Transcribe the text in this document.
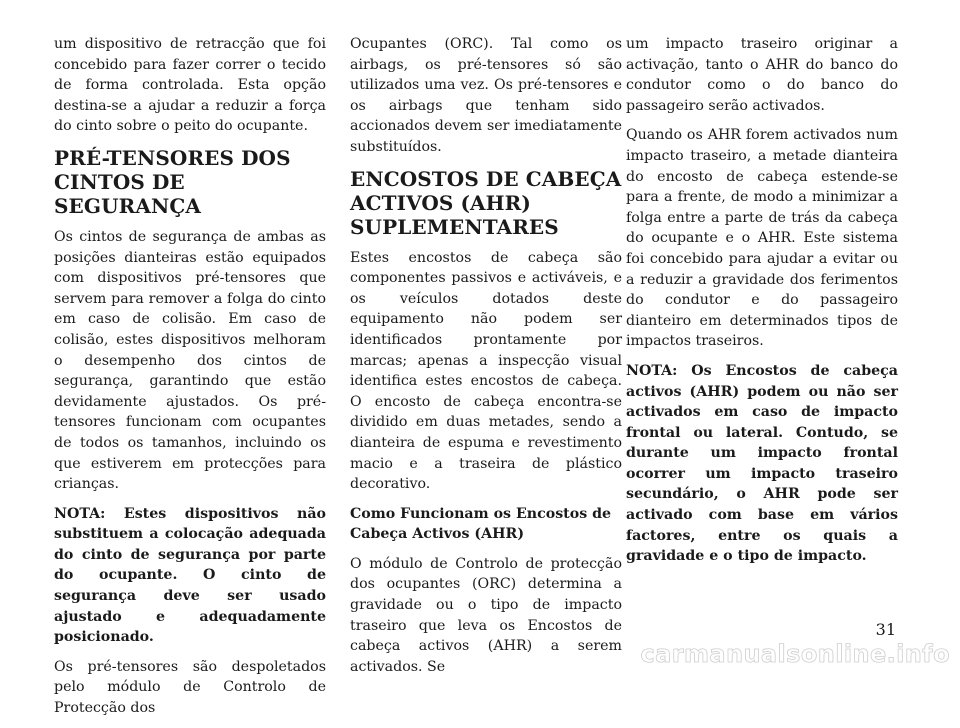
um dispositivo de retracção que foi concebido para fazer correr o tecido de forma controlada. Esta opção destina-se a ajudar a reduzir a força do cinto sobre o peito do ocupante.

PRÉ-TENSORES DOS CINTOS DE SEGURANÇA

Os cintos de segurança de ambas as posições dianteiras estão equipados com dispositivos pré-tensores que servem para remover a folga do cinto em caso de colisão. Em caso de colisão, estes dispositivos melhoram o desempenho dos cintos de segurança, garantindo que estão devidamente ajustados. Os pré-tensores funcionam com ocupantes de todos os tamanhos, incluindo os que estiverem em protecções para crianças.

NOTA: Estes dispositivos não substituem a colocação adequada do cinto de segurança por parte do ocupante. O cinto de segurança deve ser usado ajustado e adequadamente posicionado.

Os pré-tensores são despoletados pelo módulo de Controlo de Protecção dos

Ocupantes (ORC). Tal como os airbags, os pré-tensores só são utilizados uma vez. Os pré-tensores e os airbags que tenham sido accionados devem ser imediatamente substituídos.

ENCOSTOS DE CABEÇA ACTIVOS (AHR) SUPLEMENTARES

Estes encostos de cabeça são componentes passivos e activáveis, e os veículos dotados deste equipamento não podem ser identificados prontamente por marcas; apenas a inspecção visual identifica estes encostos de cabeça. O encosto de cabeça encontra-se dividido em duas metades, sendo a dianteira de espuma e revestimento macio e a traseira de plástico decorativo.

Como Funcionam os Encostos de Cabeça Activos (AHR)

O módulo de Controlo de protecção dos ocupantes (ORC) determina a gravidade ou o tipo de impacto traseiro que leva os Encostos de cabeça activos (AHR) a serem activados. Se

um impacto traseiro originar a activação, tanto o AHR do banco do condutor como o do banco do passageiro serão activados.

Quando os AHR forem activados num impacto traseiro, a metade dianteira do encosto de cabeça estende-se para a frente, de modo a minimizar a folga entre a parte de trás da cabeça do ocupante e o AHR. Este sistema foi concebido para ajudar a evitar ou a reduzir a gravidade dos ferimentos do condutor e do passageiro dianteiro em determinados tipos de impactos traseiros.

NOTA: Os Encostos de cabeça activos (AHR) podem ou não ser activados em caso de impacto frontal ou lateral. Contudo, se durante um impacto frontal ocorrer um impacto traseiro secundário, o AHR pode ser activado com base em vários factores, entre os quais a gravidade e o tipo de impacto.

31
carmanualsonline.info
